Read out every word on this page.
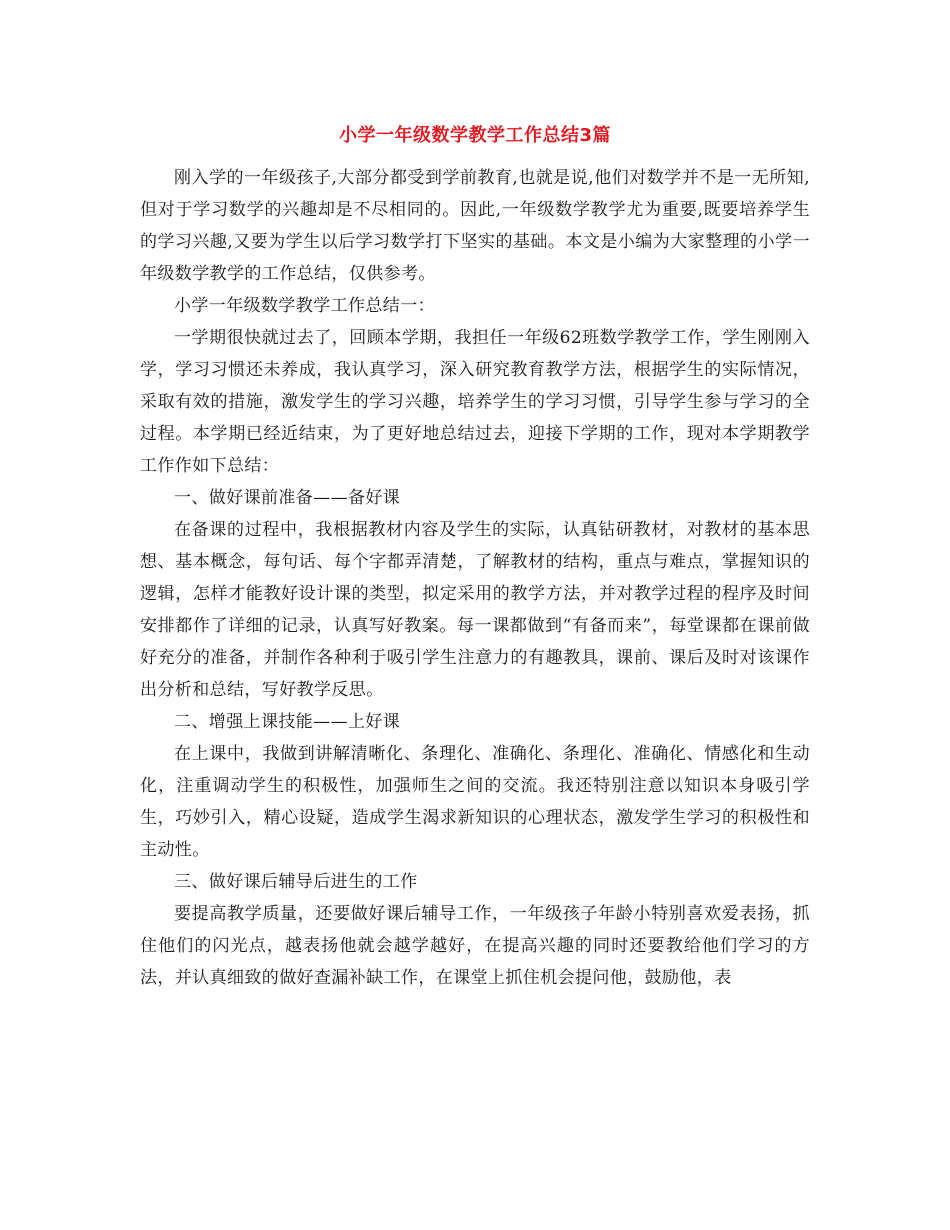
小学一年级数学教学工作总结3篇

刚入学的一年级孩子,大部分都受到学前教育,也就是说,他们对数学并不是一无所知,但对于学习数学的兴趣却是不尽相同的。因此,一年级数学教学尤为重要,既要培养学生的学习兴趣,又要为学生以后学习数学打下坚实的基础。本文是小编为大家整理的小学一年级数学教学的工作总结，仅供参考。

小学一年级数学教学工作总结一：

一学期很快就过去了，回顾本学期，我担任一年级62班数学教学工作，学生刚刚入学，学习习惯还未养成，我认真学习，深入研究教育教学方法，根据学生的实际情况，采取有效的措施，激发学生的学习兴趣，培养学生的学习习惯，引导学生参与学习的全过程。本学期已经近结束，为了更好地总结过去，迎接下学期的工作，现对本学期教学工作作如下总结：

一、做好课前准备——备好课

在备课的过程中，我根据教材内容及学生的实际，认真钻研教材，对教材的基本思想、基本概念，每句话、每个字都弄清楚，了解教材的结构，重点与难点，掌握知识的逻辑，怎样才能教好设计课的类型，拟定采用的教学方法，并对教学过程的程序及时间安排都作了详细的记录，认真写好教案。每一课都做到“有备而来”，每堂课都在课前做好充分的准备，并制作各种利于吸引学生注意力的有趣教具，课前、课后及时对该课作出分析和总结，写好教学反思。

二、增强上课技能——上好课

在上课中，我做到讲解清晰化、条理化、准确化、条理化、准确化、情感化和生动化，注重调动学生的积极性，加强师生之间的交流。我还特别注意以知识本身吸引学生，巧妙引入，精心设疑，造成学生渴求新知识的心理状态，激发学生学习的积极性和主动性。

三、做好课后辅导后进生的工作

要提高教学质量，还要做好课后辅导工作，一年级孩子年龄小特别喜欢爱表扬，抓住他们的闪光点，越表扬他就会越学越好，在提高兴趣的同时还要教给他们学习的方法，并认真细致的做好查漏补缺工作，在课堂上抓住机会提问他，鼓励他，表
